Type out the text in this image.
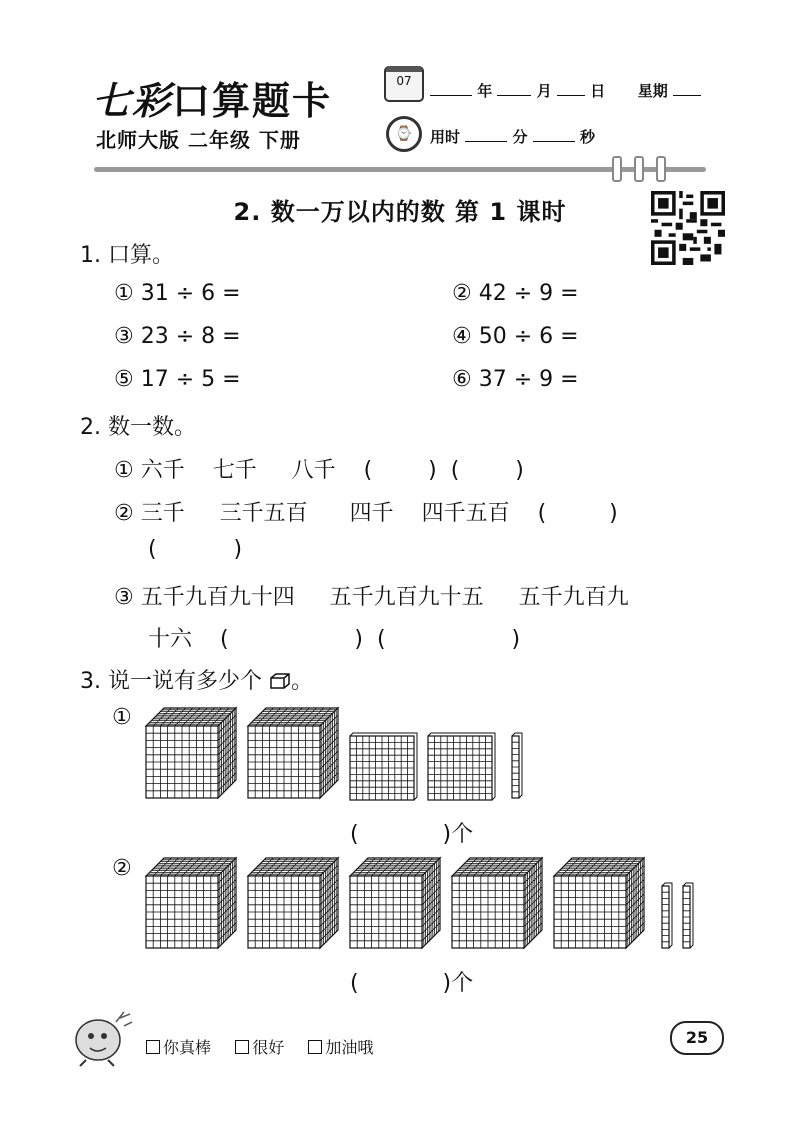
七彩口算题卡
北师大版 二年级 下册
07
年	月	日 星期
⌚	用时	分	秒
2. 数一万以内的数 第 1 课时
1. 口算。
① 31 ÷ 6 =	② 42 ÷ 9 =
③ 23 ÷ 8 =	④ 50 ÷ 6 =
⑤ 17 ÷ 5 =	⑥ 37 ÷ 9 =
2. 数一数。
① 六千    七千     八千    (        )  (        )
② 三千     三千五百      四千    四千五百    (         )
(           )
③ 五千九百九十四     五千九百九十五     五千九百九
十六    (                  )  (                  )
3. 说一说有多少个 。
①
(            )个
②
(            )个
你真棒	很好	加油哦
25
